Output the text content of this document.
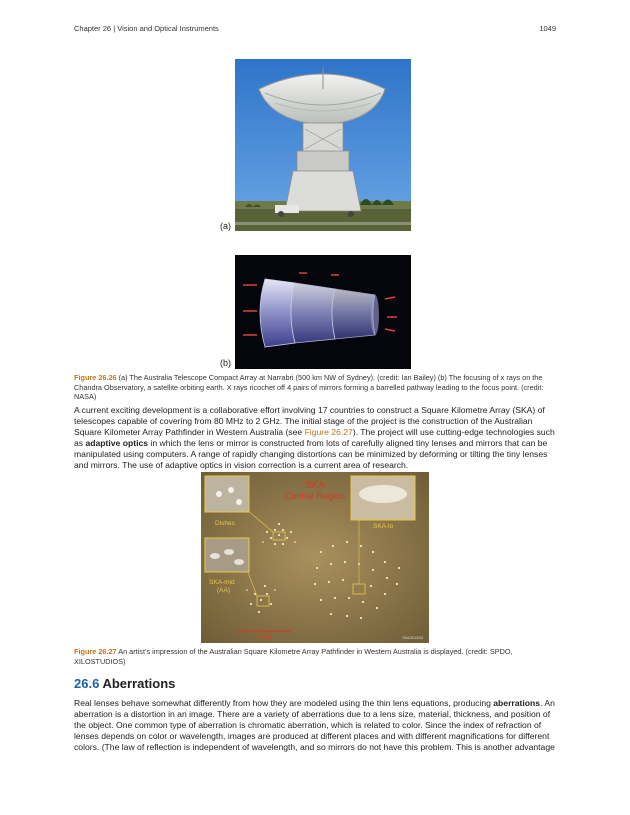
Chapter 26 | Vision and Optical Instruments	1049
(a)
(b)
Figure 26.26 (a) The Australia Telescope Compact Array at Narrabri (500 km NW of Sydney). (credit: Ian Bailey) (b) The focusing of x rays on the Chandra Observatory, a satellite orbiting earth. X rays ricochet off 4 pairs of mirrors forming a barrelled pathway leading to the focus point. (credit: NASA)

A current exciting development is a collaborative effort involving 17 countries to construct a Square Kilometre Array (SKA) of telescopes capable of covering from 80 MHz to 2 GHz. The initial stage of the project is the construction of the Australian Square Kilometer Array Pathfinder in Western Australia (see Figure 26.27). The project will use cutting-edge technologies such as adaptive optics in which the lens or mirror is constructed from lots of carefully aligned tiny lenses and mirrors that can be manipulated using computers. A range of rapidly changing distortions can be minimized by deforming or tilting the tiny lenses and mirrors. The use of adaptive optics in vision correction is a current area of research.

SKA
Central Region
Dishes	SKA-lo
SKA-mid
(AA)
5 km	SKA/2013/03
Figure 26.27 An artist’s impression of the Australian Square Kilometre Array Pathfinder in Western Australia is displayed. (credit: SPDO, XILOSTUDIOS)
26.6 Aberrations

Real lenses behave somewhat differently from how they are modeled using the thin lens equations, producing aberrations. An aberration is a distortion in an image. There are a variety of aberrations due to a lens size, material, thickness, and position of the object. One common type of aberration is chromatic aberration, which is related to color. Since the index of refraction of lenses depends on color or wavelength, images are produced at different places and with different magnifications for different colors. (The law of reflection is independent of wavelength, and so mirrors do not have this problem. This is another advantage
